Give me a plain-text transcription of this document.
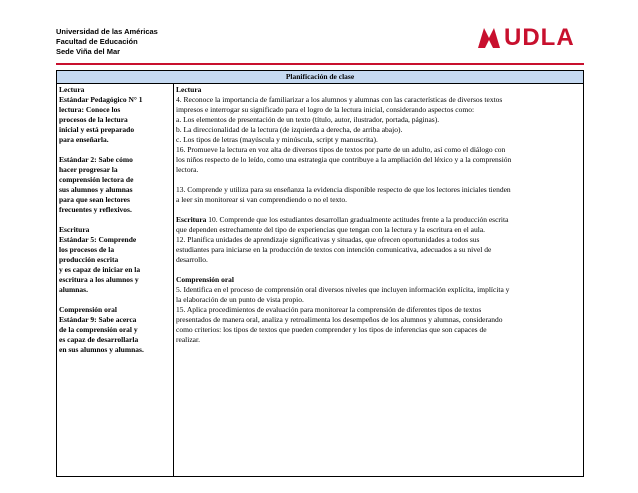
Universidad de las Américas
Facultad de Educación
Sede Viña del Mar
UDLA
Planificación de clase
Lectura
Estándar Pedagógico N° 1
lectura: Conoce los
procesos de la lectura
inicial y está preparado
para enseñarla.
Estándar 2: Sabe cómo
hacer progresar la
comprensión lectora de
sus alumnos y alumnas
para que sean lectores
frecuentes y reflexivos.
Escritura
Estándar 5: Comprende
los procesos de la
producción escrita
y es capaz de iniciar en la
escritura a los alumnos y
alumnas.
Comprensión oral
Estándar 9: Sabe acerca
de la comprensión oral y
es capaz de desarrollarla
en sus alumnos y alumnas.
Lectura
4. Reconoce la importancia de familiarizar a los alumnos y alumnas con las características de diversos textos
impresos e interrogar su significado para el logro de la lectura inicial, considerando aspectos como:
a. Los elementos de presentación de un texto (título, autor, ilustrador, portada, páginas).
b. La direccionalidad de la lectura (de izquierda a derecha, de arriba abajo).
c. Los tipos de letras (mayúscula y minúscula, script y manuscrita).
16. Promueve la lectura en voz alta de diversos tipos de textos por parte de un adulto, así como el diálogo con
los niños respecto de lo leído, como una estrategia que contribuye a la ampliación del léxico y a la comprensión
lectora.
13. Comprende y utiliza para su enseñanza la evidencia disponible respecto de que los lectores iniciales tienden
a leer sin monitorear si van comprendiendo o no el texto.
Escritura 10. Comprende que los estudiantes desarrollan gradualmente actitudes frente a la producción escrita
que dependen estrechamente del tipo de experiencias que tengan con la lectura y la escritura en el aula.
12. Planifica unidades de aprendizaje significativas y situadas, que ofrecen oportunidades a todos sus
estudiantes para iniciarse en la producción de textos con intención comunicativa, adecuados a su nivel de
desarrollo.
Comprensión oral
5. Identifica en el proceso de comprensión oral diversos niveles que incluyen información explícita, implícita y
la elaboración de un punto de vista propio.
15. Aplica procedimientos de evaluación para monitorear la comprensión de diferentes tipos de textos
presentados de manera oral, analiza y retroalimenta los desempeños de los alumnos y alumnas, considerando
como criterios: los tipos de textos que pueden comprender y los tipos de inferencias que son capaces de
realizar.
